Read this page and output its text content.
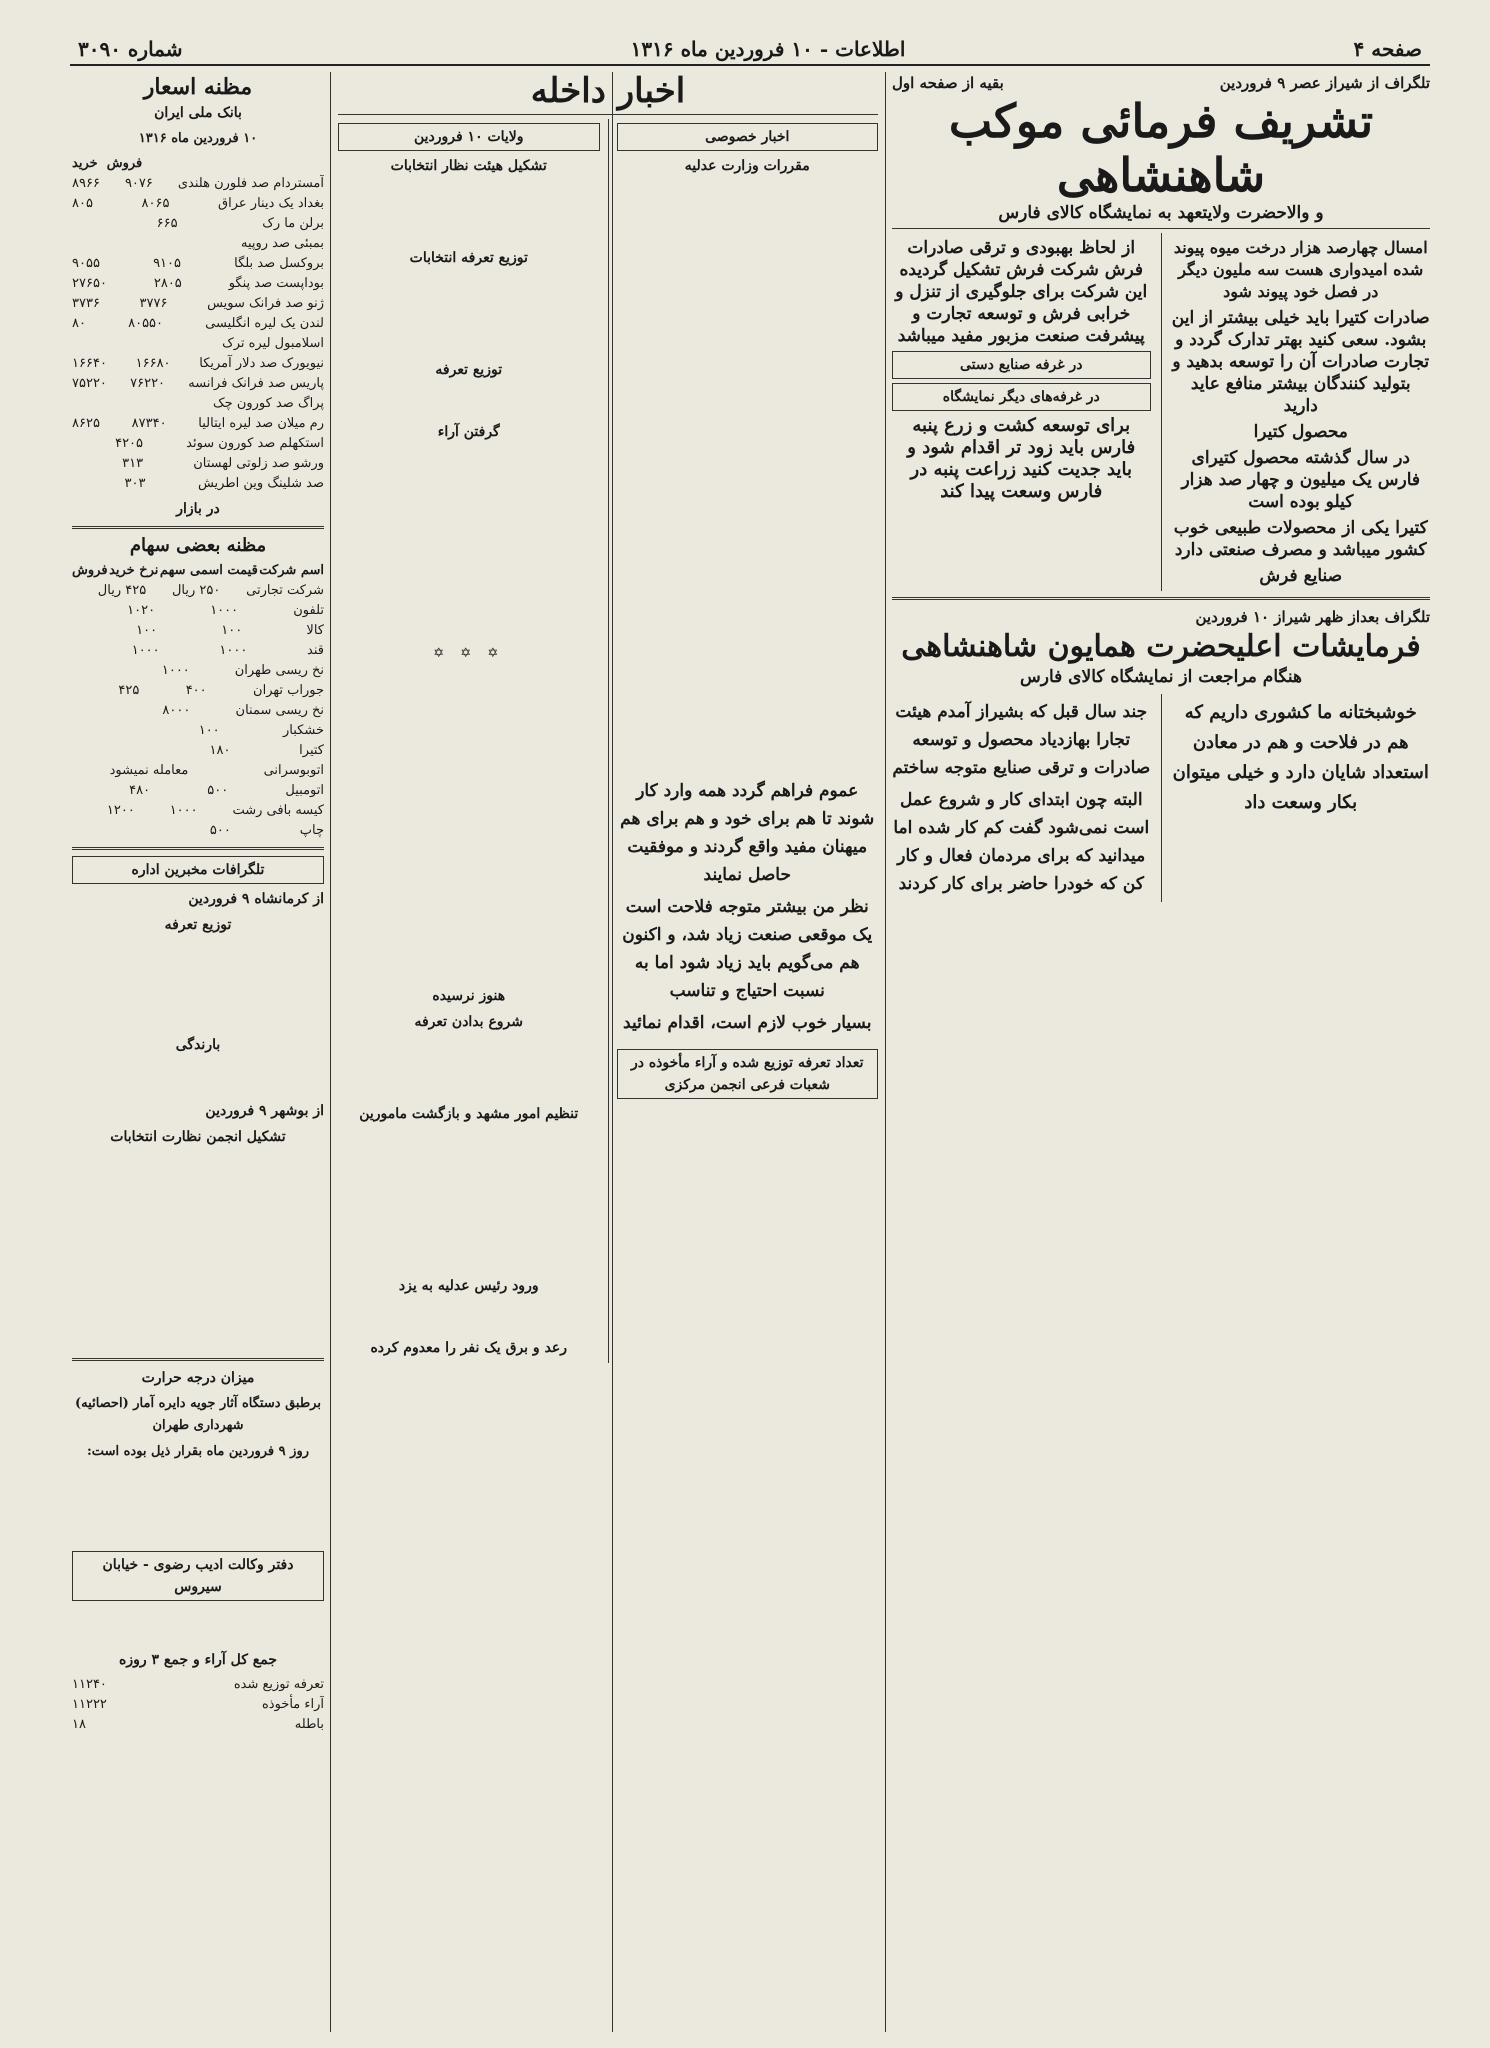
صفحه ۴
اطلاعات - ۱۰ فروردین ماه ۱۳۱۶
شماره ۳۰۹۰
تلگراف از شیراز عصر ۹ فروردین
بقیه از صفحه اول
تشریف فرمائی موکب شاهنشاهی
و والاحضرت ولایتعهد به نمایشگاه کالای فارس

امسال چهارصد هزار درخت میوه پیوند شده امیدواری هست سه ملیون دیگر در فصل خود پیوند شود

صادرات کتیرا باید خیلی بیشتر از این بشود. سعی کنید بهتر تدارک گردد و تجارت صادرات آن را توسعه بدهید و بتولید کنندگان بیشتر منافع عاید دارید

محصول کتیرا

در سال گذشته محصول کتیرای فارس یک میلیون و چهار صد هزار کیلو بوده است

کتیرا یکی از محصولات طبیعی خوب کشور میباشد و مصرف صنعتی دارد

صنایع فرش

از لحاظ بهبودی و ترقی صادرات فرش شرکت فرش تشکیل گردیده این شرکت برای جلوگیری از تنزل و خرابی فرش و توسعه تجارت و پیشرفت صنعت مزبور مفید میباشد

در غرفه صنایع دستی
در غرفه‌های دیگر نمایشگاه

برای توسعه کشت و زرع پنبه فارس باید زود تر اقدام شود و باید جدیت کنید زراعت پنبه در فارس وسعت پیدا کند

تلگراف بعداز ظهر شیراز ۱۰ فروردین
فرمایشات اعلیحضرت همایون شاهنشاهی
هنگام مراجعت از نمایشگاه کالای فارس

خوشبختانه ما کشوری داریم که هم در فلاحت و هم در معادن استعداد شایان دارد و خیلی میتوان بکار وسعت داد

جند سال قبل که بشیراز آمدم هیئت تجارا بهازدیاد محصول و توسعه صادرات و ترقی صنایع متوجه ساختم

البته چون ابتدای کار و شروع عمل است نمی‌شود گفت کم کار شده اما میدانید که برای مردمان فعال و کار کن که خودرا حاضر برای کار کردند

اخبار داخله
اخبار خصوصی
مقررات وزارت عدلیه

عموم فراهم گردد همه وارد کار شوند تا هم برای خود و هم برای هم میهنان مفید واقع گردند و موفقیت حاصل نمایند

نظر من بیشتر متوجه فلاحت است یک موقعی صنعت زیاد شد، و اکنون هم می‌گویم باید زیاد شود اما به نسبت احتیاج و تناسب

بسیار خوب لازم است، اقدام نمائید

تعداد تعرفه توزیع شده و آراء مأخوذه در شعبات فرعی انجمن مرکزی
ولایات ۱۰ فروردین
تشکیل هیئت نظار انتخابات
توزیع تعرفه انتخابات
توزیع تعرفه
گرفتن آراء
✡ ✡ ✡
هنوز نرسیده
شروع بدادن تعرفه
تنظیم امور مشهد و بازگشت مامورین
ورود رئیس عدلیه به یزد
رعد و برق یک نفر را معدوم کرده
مظنه اسعار
بانک ملی ایران
۱۰ فروردین ماه ۱۳۱۶
فروش  خرید
آمستردام صد فلورن هلندی
۹۰۷۶
۸۹۶۶
بغداد یک دینار عراق
۸۰۶۵
۸۰۵
برلن ما رک
۶۶۵
بمبئی صد روپیه
بروکسل صد بلگا
۹۱۰۵
۹۰۵۵
بوداپست صد پنگو
۲۸۰۵
۲۷۶۵۰
ژنو صد فرانک سویس
۳۷۷۶
۳۷۳۶
لندن یک لیره انگلیسی
۸۰۵۵۰
۸۰
اسلامبول لیره ترک
نیویورک صد دلار آمریکا
۱۶۶۸۰
۱۶۶۴۰
پاریس صد فرانک فرانسه
۷۶۲۲۰
۷۵۲۲۰
پراگ صد کورون چک
رم میلان صد لیره ایتالیا
۸۷۳۴۰
۸۶۲۵
استکهلم صد کورون سوئد
۴۲۰۵
ورشو صد زلوتی لهستان
۳۱۳
صد شلینگ وین اطریش
۳۰۳
در بازار
مظنه بعضی سهام
اسم شرکت
قیمت اسمی سهم
نرخ خرید
فروش
شرکت تجارتی
۲۵۰ ریال
۴۲۵ ریال
تلفون
۱۰۰۰
۱۰۲۰
کالا
۱۰۰
۱۰۰
قند
۱۰۰۰
۱۰۰۰
نخ ریسی طهران
۱۰۰۰
جوراب تهران
۴۰۰
۴۲۵
نخ ریسی سمنان
۸۰۰۰
خشکبار
۱۰۰
کتیرا
۱۸۰
اتوبوسرانی
معامله نمیشود
اتومبیل
۵۰۰
۴۸۰
کیسه بافی رشت
۱۰۰۰
۱۲۰۰
چاپ
۵۰۰
تلگرافات مخبرین اداره
از کرمانشاه ۹ فروردین
توزیع تعرفه
بارندگی
از بوشهر ۹ فروردین
تشکیل انجمن نظارت انتخابات
میزان درجه حرارت
برطبق دستگاه آثار جویه دایره آمار (احصائیه) شهرداری طهران
روز ۹ فروردین ماه بقرار ذیل بوده است:
دفتر وکالت ادیب رضوی - خیابان سیروس
جمع کل آراء و جمع ۳ روزه
تعرفه توزیع شده
۱۱۲۴۰
آراء مأخوذه
۱۱۲۲۲
باطله
۱۸
